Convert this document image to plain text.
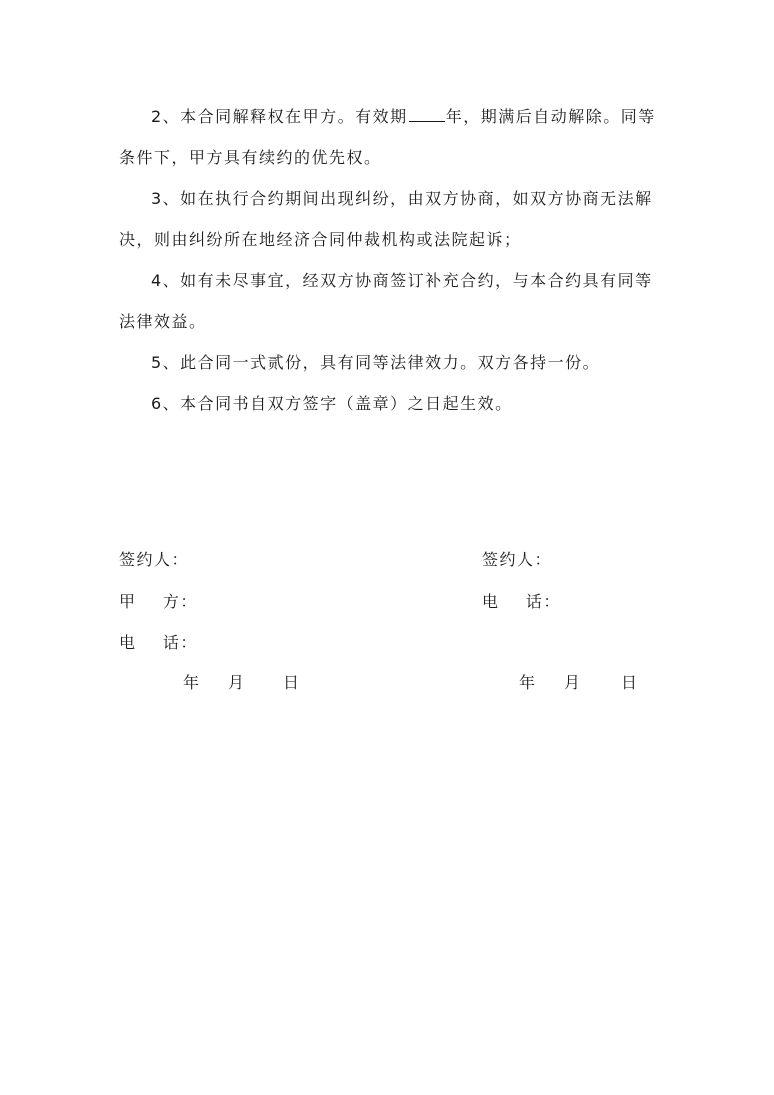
2、本合同解释权在甲方。有效期 年，期满后自动解除。同等条件下，甲方具有续约的优先权。

3、如在执行合约期间出现纠纷，由双方协商，如双方协商无法解决，则由纠纷所在地经济合同仲裁机构或法院起诉；

4、如有未尽事宜，经双方协商签订补充合约，与本合约具有同等法律效益。

5、此合同一式贰份，具有同等法律效力。双方各持一份。

6、本合同书自双方签字（盖章）之日起生效。

签约人：

甲    方：

电    话：

签约人：

电    话：

年 月 日	年 月	日
